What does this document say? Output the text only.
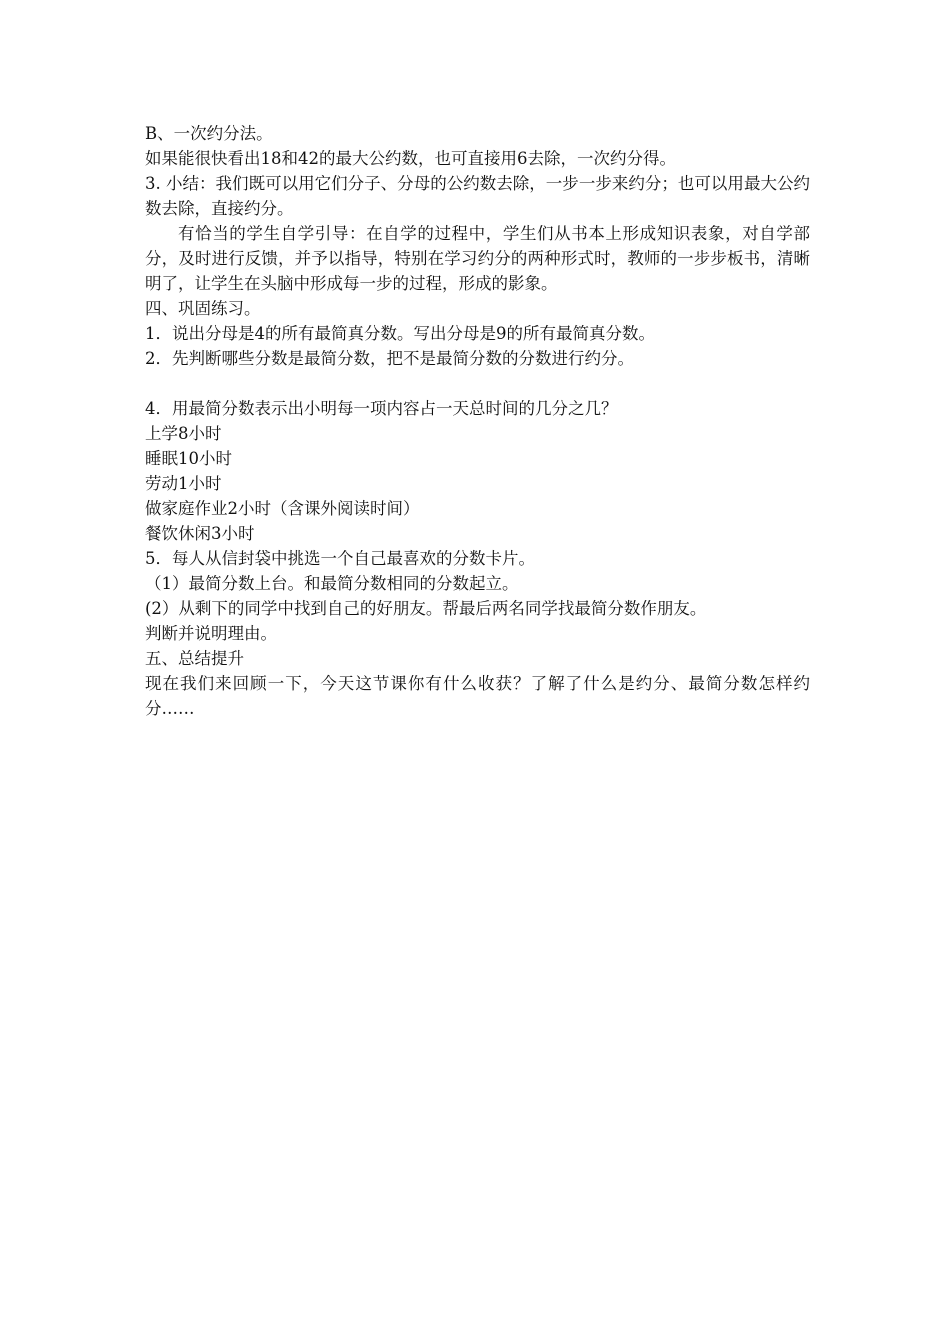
B、一次约分法。
如果能很快看出18和42的最大公约数，也可直接用6去除，一次约分得。
3. 小结：我们既可以用它们分子、分母的公约数去除，一步一步来约分；也可以用最大公约数去除，直接约分。
有恰当的学生自学引导：在自学的过程中，学生们从书本上形成知识表象，对自学部分，及时进行反馈，并予以指导，特别在学习约分的两种形式时，教师的一步步板书，清晰明了，让学生在头脑中形成每一步的过程，形成的影象。
四、巩固练习。
1．说出分母是4的所有最简真分数。写出分母是9的所有最简真分数。
2．先判断哪些分数是最简分数，把不是最简分数的分数进行约分。
4．用最简分数表示出小明每一项内容占一天总时间的几分之几？
上学8小时
睡眠10小时
劳动1小时
做家庭作业2小时（含课外阅读时间）
餐饮休闲3小时
5．每人从信封袋中挑选一个自己最喜欢的分数卡片。
（1）最简分数上台。和最简分数相同的分数起立。
(2）从剩下的同学中找到自己的好朋友。帮最后两名同学找最简分数作朋友。
判断并说明理由。
五、总结提升
现在我们来回顾一下，今天这节课你有什么收获？了解了什么是约分、最简分数怎样约分……
